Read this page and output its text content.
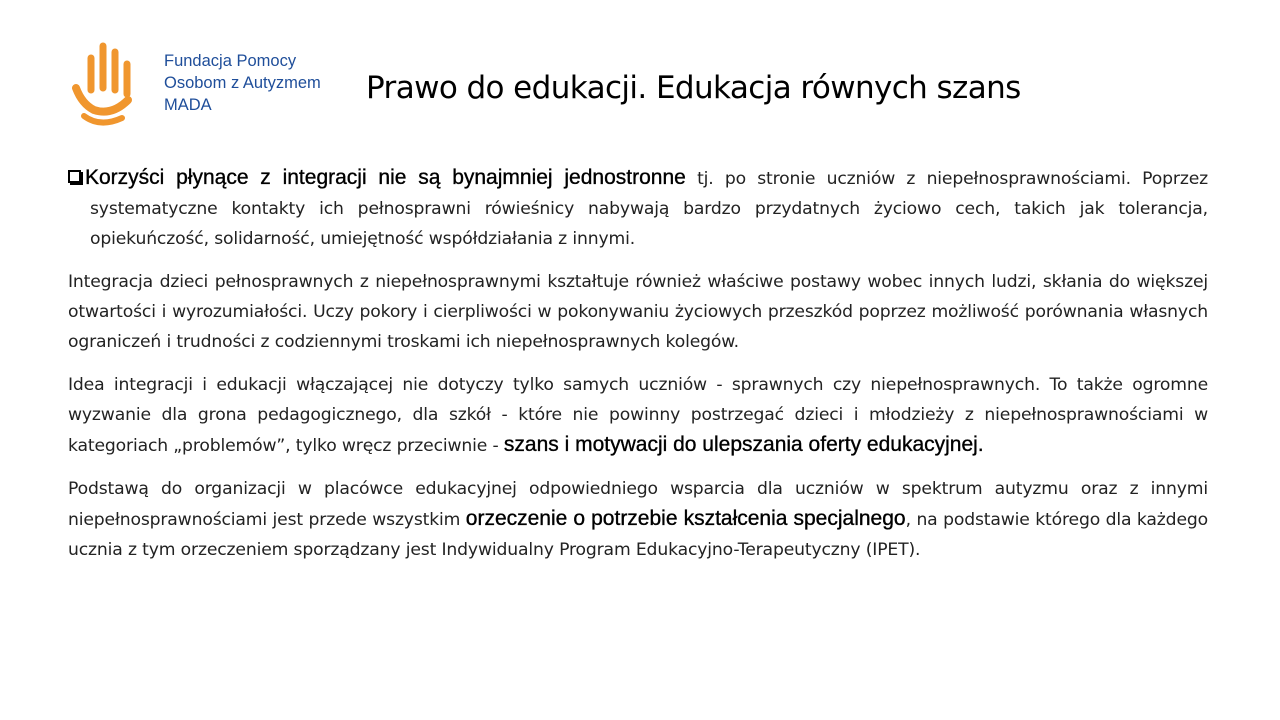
Fundacja Pomocy
Osobom z Autyzmem
MADA	Prawo do edukacji. Edukacja równych szans

Korzyści płynące z integracji nie są bynajmniej jednostronne tj. po stronie uczniów z niepełnosprawnościami. Poprzez systematyczne kontakty ich pełnosprawni rówieśnicy nabywają bardzo przydatnych życiowo cech, takich jak tolerancja, opiekuńczość, solidarność, umiejętność współdziałania z innymi.

Integracja dzieci pełnosprawnych z niepełnosprawnymi kształtuje również właściwe postawy wobec innych ludzi, skłania do większej otwartości i wyrozumiałości. Uczy pokory i cierpliwości w pokonywaniu życiowych przeszkód poprzez możliwość porównania własnych ograniczeń i trudności z codziennymi troskami ich niepełnosprawnych kolegów.

Idea integracji i edukacji włączającej nie dotyczy tylko samych uczniów - sprawnych czy niepełnosprawnych. To także ogromne wyzwanie dla grona pedagogicznego, dla szkół - które nie powinny postrzegać dzieci i młodzieży z niepełnosprawnościami w kategoriach „problemów”, tylko wręcz przeciwnie - szans i motywacji do ulepszania oferty edukacyjnej.

Podstawą do organizacji w placówce edukacyjnej odpowiedniego wsparcia dla uczniów w spektrum autyzmu oraz z innymi niepełnosprawnościami jest przede wszystkim orzeczenie o potrzebie kształcenia specjalnego, na podstawie którego dla każdego ucznia z tym orzeczeniem sporządzany jest Indywidualny Program Edukacyjno-Terapeutyczny (IPET).
